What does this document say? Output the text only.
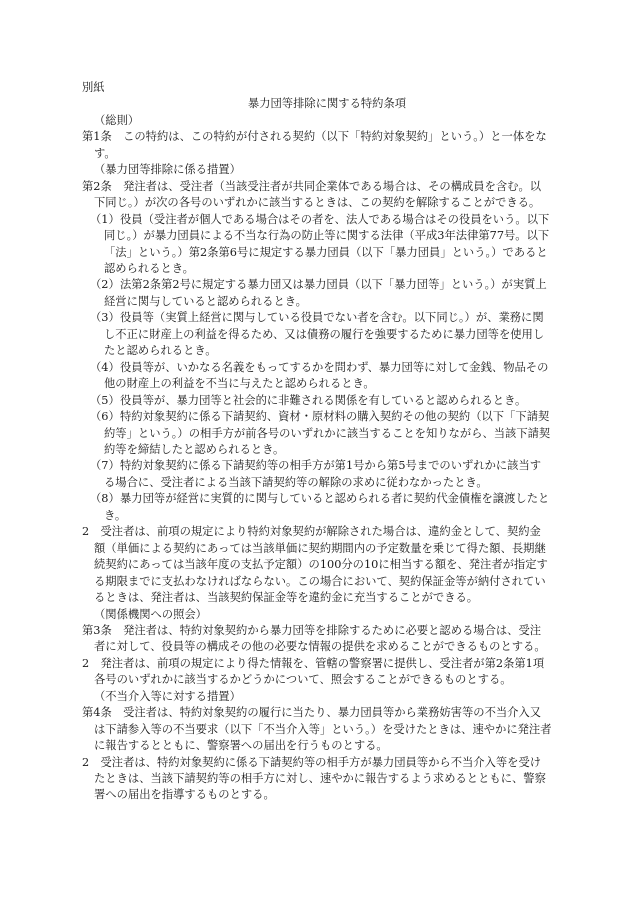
別紙

暴力団等排除に関する特約条項

（総則）

第1条　この特約は、この特約が付される契約（以下「特約対象契約」という。）と一体をなす。

（暴力団等排除に係る措置）

第2条　発注者は、受注者（当該受注者が共同企業体である場合は、その構成員を含む。以下同じ。）が次の各号のいずれかに該当するときは、この契約を解除することができる。

（1）役員（受注者が個人である場合はその者を、法人である場合はその役員をいう。以下同じ。）が暴力団員による不当な行為の防止等に関する法律（平成3年法律第77号。以下「法」という。）第2条第6号に規定する暴力団員（以下「暴力団員」という。）であると認められるとき。

（2）法第2条第2号に規定する暴力団又は暴力団員（以下「暴力団等」という。）が実質上経営に関与していると認められるとき。

（3）役員等（実質上経営に関与している役員でない者を含む。以下同じ。）が、業務に関し不正に財産上の利益を得るため、又は債務の履行を強要するために暴力団等を使用したと認められるとき。

（4）役員等が、いかなる名義をもってするかを問わず、暴力団等に対して金銭、物品その他の財産上の利益を不当に与えたと認められるとき。

（5）役員等が、暴力団等と社会的に非難される関係を有していると認められるとき。

（6）特約対象契約に係る下請契約、資材・原材料の購入契約その他の契約（以下「下請契約等」という。）の相手方が前各号のいずれかに該当することを知りながら、当該下請契約等を締結したと認められるとき。

（7）特約対象契約に係る下請契約等の相手方が第1号から第5号までのいずれかに該当する場合に、受注者による当該下請契約等の解除の求めに従わなかったとき。

（8）暴力団等が経営に実質的に関与していると認められる者に契約代金債権を譲渡したとき。

2　受注者は、前項の規定により特約対象契約が解除された場合は、違約金として、契約金額（単価による契約にあっては当該単価に契約期間内の予定数量を乗じて得た額、長期継続契約にあっては当該年度の支払予定額）の100分の10に相当する額を、発注者が指定する期限までに支払わなければならない。この場合において、契約保証金等が納付されているときは、発注者は、当該契約保証金等を違約金に充当することができる。

（関係機関への照会）

第3条　発注者は、特約対象契約から暴力団等を排除するために必要と認める場合は、受注者に対して、役員等の構成その他の必要な情報の提供を求めることができるものとする。

2　発注者は、前項の規定により得た情報を、管轄の警察署に提供し、受注者が第2条第1項各号のいずれかに該当するかどうかについて、照会することができるものとする。

（不当介入等に対する措置）

第4条　受注者は、特約対象契約の履行に当たり、暴力団員等から業務妨害等の不当介入又は下請参入等の不当要求（以下「不当介入等」という。）を受けたときは、速やかに発注者に報告するとともに、警察署への届出を行うものとする。

2　受注者は、特約対象契約に係る下請契約等の相手方が暴力団員等から不当介入等を受けたときは、当該下請契約等の相手方に対し、速やかに報告するよう求めるとともに、警察署への届出を指導するものとする。
